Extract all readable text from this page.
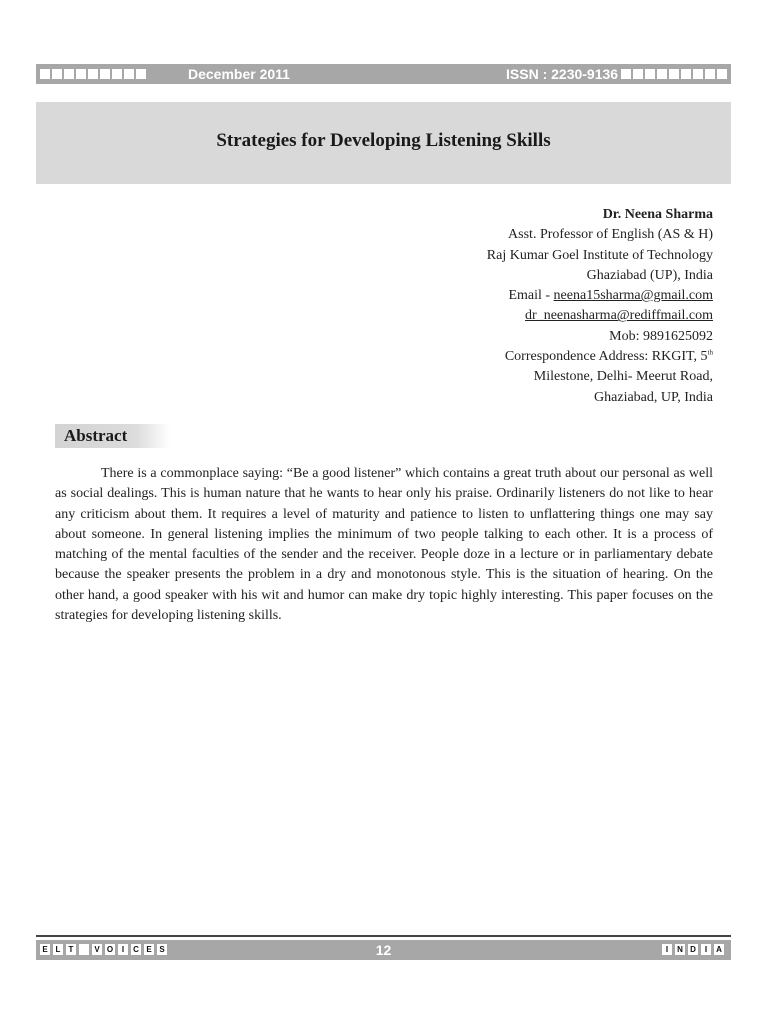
December 2011	ISSN : 2230-9136
Strategies for Developing Listening Skills
Dr. Neena Sharma
Asst. Professor of English (AS & H)
Raj Kumar Goel Institute of Technology
Ghaziabad (UP), India
Email - neena15sharma@gmail.com
dr_neenasharma@rediffmail.com
Mob: 9891625092
Correspondence Address: RKGIT, 5th
Milestone, Delhi- Meerut Road,
Ghaziabad, UP, India
Abstract

There is a commonplace saying: “Be a good listener” which contains a great truth about our personal as well as social dealings. This is human nature that he wants to hear only his praise. Ordinarily listeners do not like to hear any criticism about them. It requires a level of maturity and patience to listen to unflattering things one may say about someone. In general listening implies the minimum of two people talking to each other. It is a process of matching of the mental faculties of the sender and the receiver. People doze in a lecture or in parliamentary debate because the speaker presents the problem in a dry and monotonous style. This is the situation of hearing. On the other hand, a good speaker with his wit and humor can make dry topic highly interesting. This paper focuses on the strategies for developing listening skills.

E L	T	V O	I	C E S	12	I	N D	I	A
